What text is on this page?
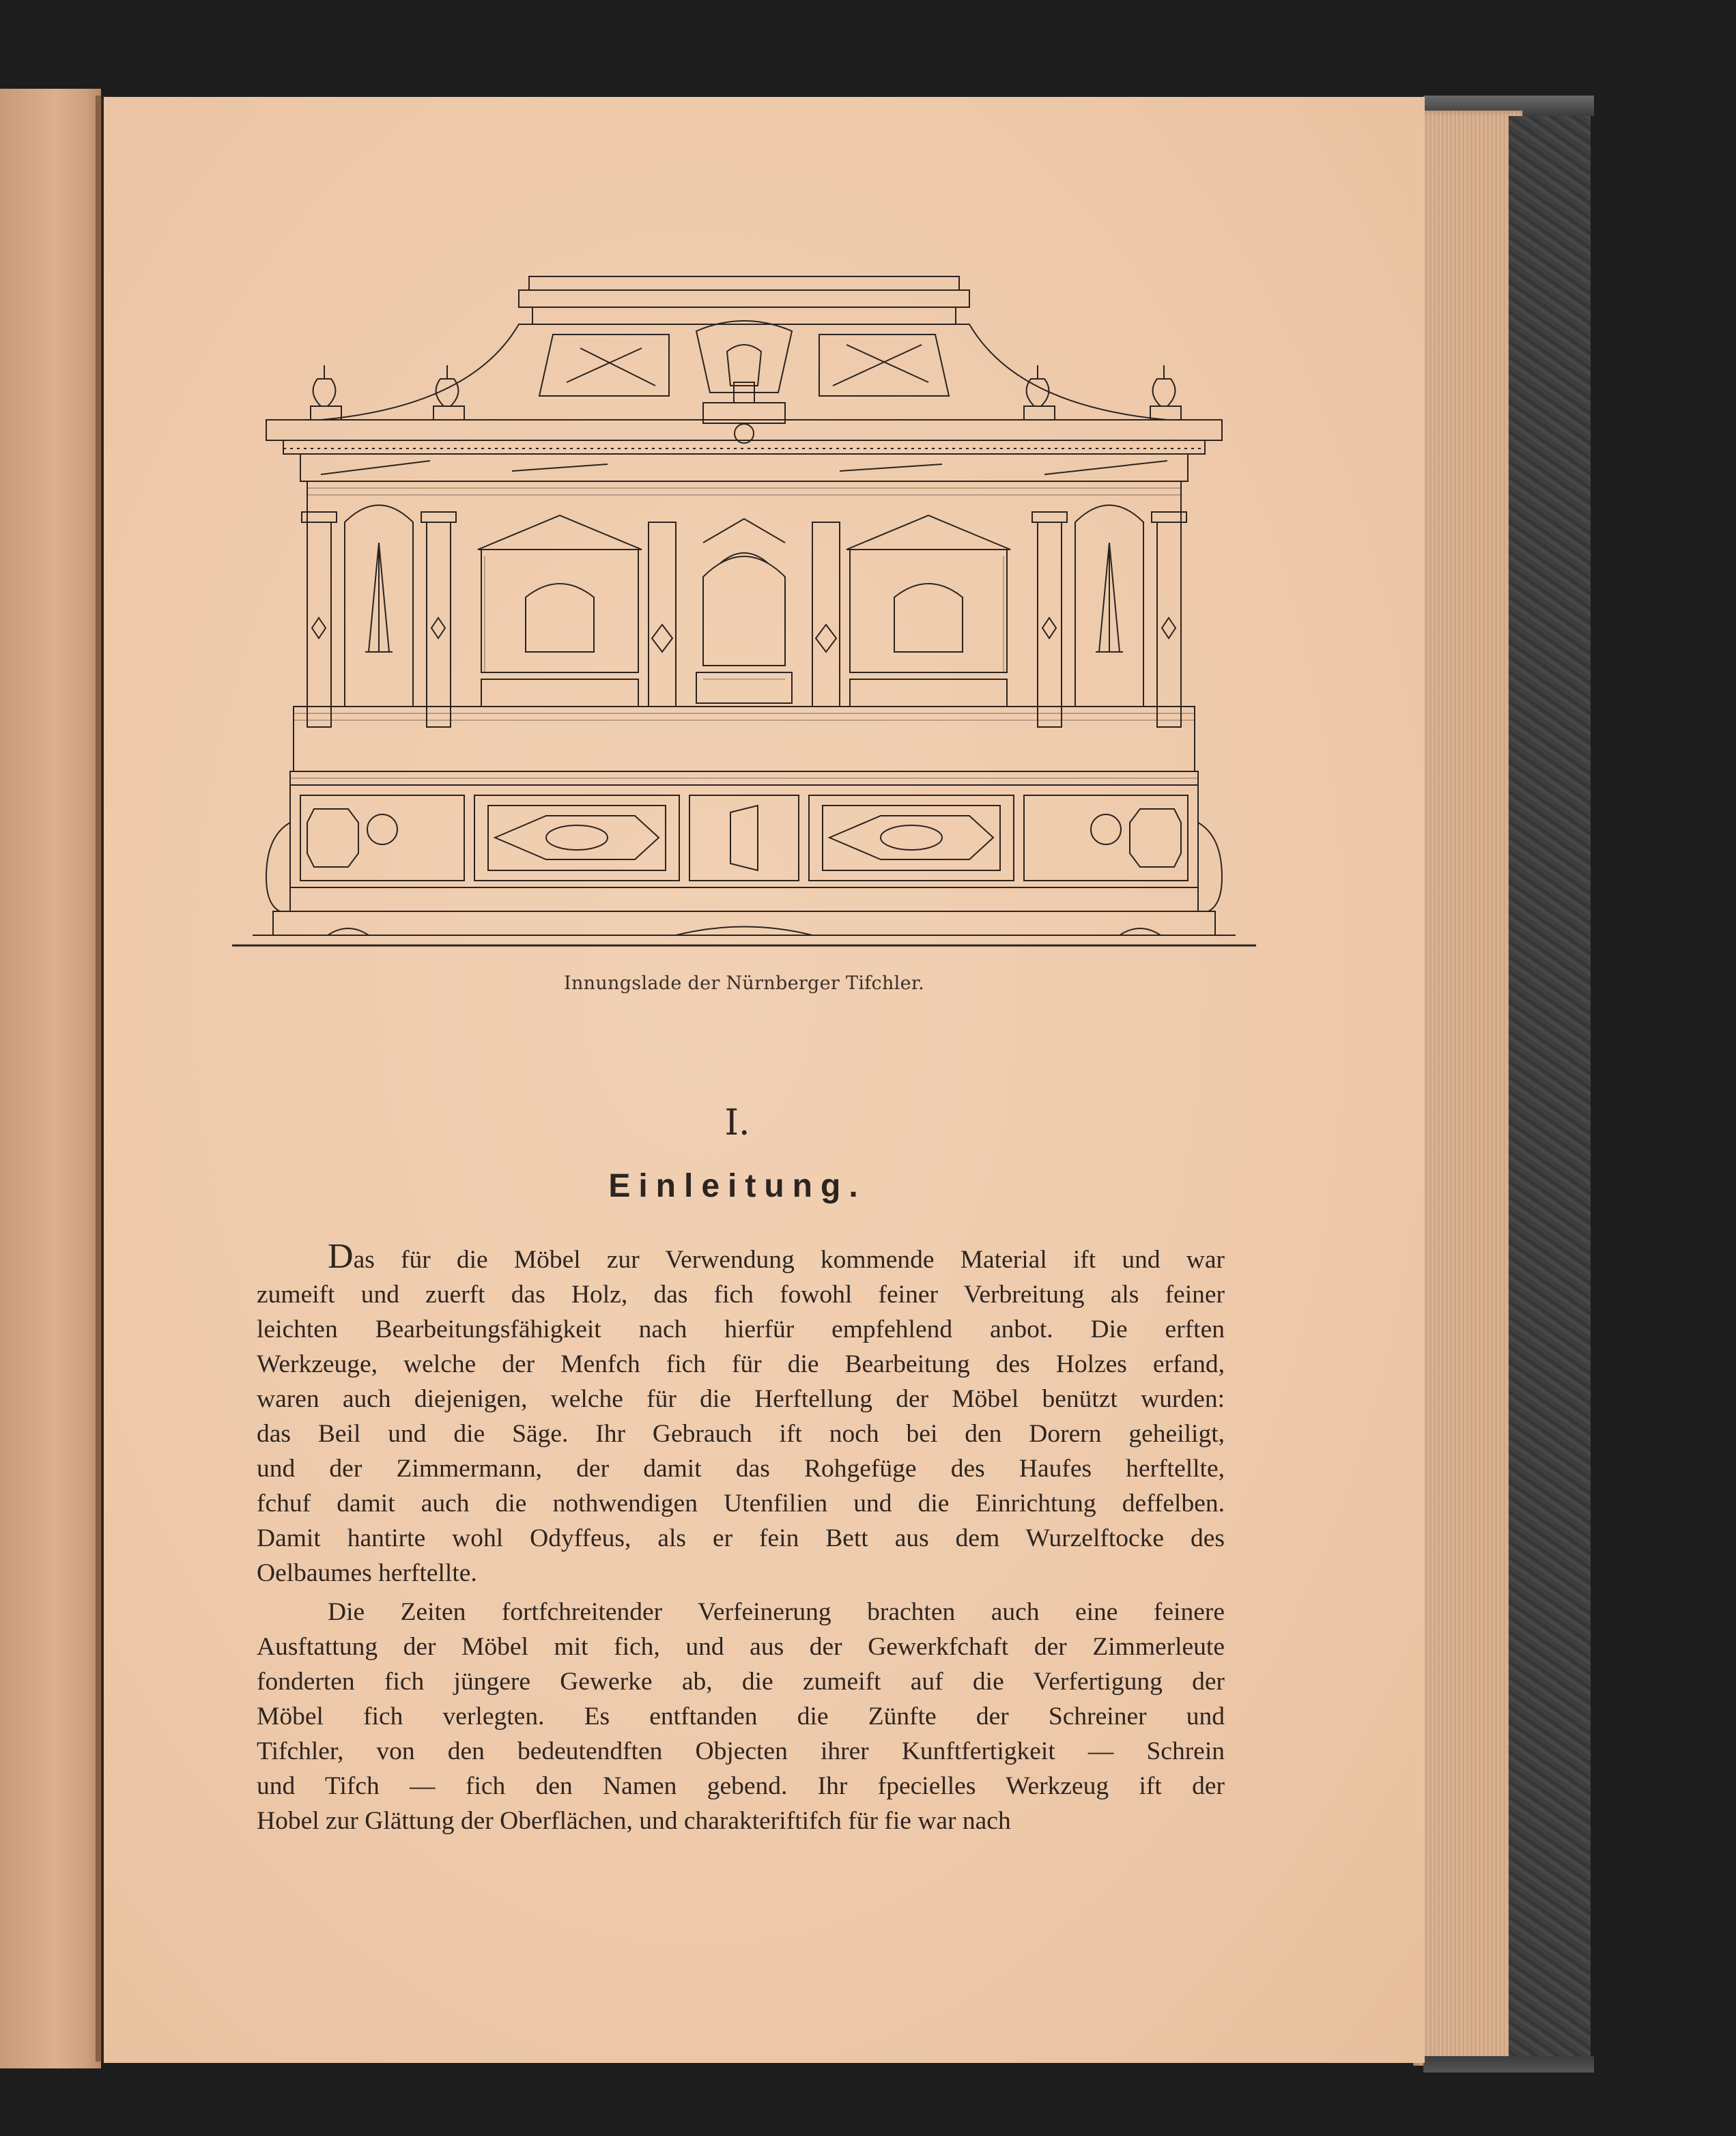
Innungslade der Nürnberger Tifchler.
I.
Einleitung.

Das für die Möbel zur Verwendung kommende Material ift und war
zumeift und zuerft das Holz, das fich fowohl feiner Verbreitung als feiner
leichten Bearbeitungsfähigkeit nach hierfür empfehlend anbot. Die erften
Werkzeuge, welche der Menfch fich für die Bearbeitung des Holzes erfand,
waren auch diejenigen, welche für die Herftellung der Möbel benützt wurden:
das Beil und die Säge. Ihr Gebrauch ift noch bei den Dorern geheiligt,
und der Zimmermann, der damit das Rohgefüge des Haufes herftellte,
fchuf damit auch die nothwendigen Utenfilien und die Einrichtung deffelben.
Damit hantirte wohl Odyffeus, als er fein Bett aus dem Wurzelftocke des
Oelbaumes herftellte.

Die Zeiten fortfchreitender Verfeinerung brachten auch eine feinere
Ausftattung der Möbel mit fich, und aus der Gewerkfchaft der Zimmerleute
fonderten fich jüngere Gewerke ab, die zumeift auf die Verfertigung der
Möbel fich verlegten. Es entftanden die Zünfte der Schreiner und
Tifchler, von den bedeutendften Objecten ihrer Kunftfertigkeit — Schrein
und Tifch — fich den Namen gebend. Ihr fpecielles Werkzeug ift der
Hobel zur Glättung der Oberflächen, und charakteriftifch für fie war nach
